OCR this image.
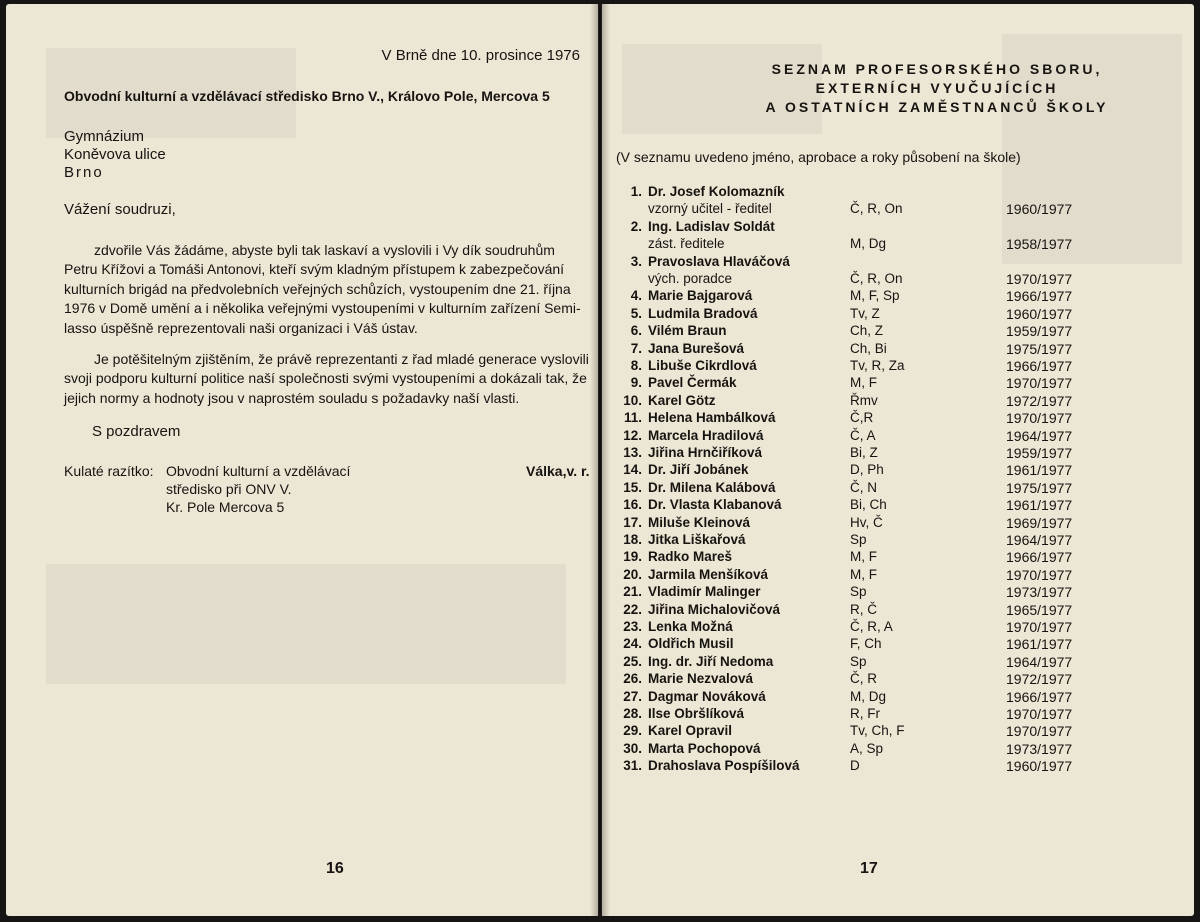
V Brně dne 10. prosince 1976
Obvodní kulturní a vzdělávací středisko Brno V., Královo Pole, Mercova 5
Gymnázium
Koněvova ulice
Brno
Vážení soudruzi,
zdvořile Vás žádáme, abyste byli tak laskaví a vyslovili i Vy dík soudruhům
Petru Křížovi a Tomáši Antonovi, kteří svým kladným přístupem k zabezpečování
kulturních brigád na předvolebních veřejných schůzích, vystoupením dne 21. října
1976 v Domě umění a i několika veřejnými vystoupeními v kulturním zařízení Semi-
lasso úspěšně reprezentovali naši organizaci i Váš ústav.
Je potěšitelným zjištěním, že právě reprezentanti z řad mladé generace vyslovili
svoji podporu kulturní politice naší společnosti svými vystoupeními a dokázali tak, že
jejich normy a hodnoty jsou v naprostém souladu s požadavky naší vlasti.
S pozdravem
Kulaté razítko: Obvodní kulturní a vzdělávací
středisko při ONV V.
Kr. Pole Mercova 5
Válka,v. r.
16
SEZNAM PROFESORSKÉHO SBORU,
EXTERNÍCH VYUČUJÍCÍCH
A OSTATNÍCH ZAMĚSTNANCŮ ŠKOLY
(V seznamu uvedeno jméno, aprobace a roky působení na škole)
1. Dr. Josef Kolomazník
vzorný učitel - ředitel	Č, R, On	1960/1977
2. Ing. Ladislav Soldát
zást. ředitele	M, Dg	1958/1977
3. Pravoslava Hlaváčová
vých. poradce	Č, R, On	1970/1977
4. Marie Bajgarová	M, F, Sp	1966/1977
5. Ludmila Bradová	Tv, Z	1960/1977
6. Vilém Braun	Ch, Z	1959/1977
7. Jana Burešová	Ch, Bi	1975/1977
8. Libuše Cikrdlová	Tv, R, Za	1966/1977
9. Pavel Čermák	M, F	1970/1977
10. Karel Götz	Řmv	1972/1977
11. Helena Hambálková	Č,R	1970/1977
12. Marcela Hradilová	Č, A	1964/1977
13. Jiřina Hrnčiříková	Bi, Z	1959/1977
14. Dr. Jiří Jobánek	D, Ph	1961/1977
15. Dr. Milena Kalábová	Č, N	1975/1977
16. Dr. Vlasta Klabanová	Bi, Ch	1961/1977
17. Miluše Kleinová	Hv, Č	1969/1977
18. Jitka Liškařová	Sp	1964/1977
19. Radko Mareš	M, F	1966/1977
20. Jarmila Menšíková	M, F	1970/1977
21. Vladimír Malinger	Sp	1973/1977
22. Jiřina Michalovičová	R, Č	1965/1977
23. Lenka Možná	Č, R, A	1970/1977
24. Oldřich Musil	F, Ch	1961/1977
25. Ing. dr. Jiří Nedoma	Sp	1964/1977
26. Marie Nezvalová	Č, R	1972/1977
27. Dagmar Nováková	M, Dg	1966/1977
28. Ilse Obršlíková	R, Fr	1970/1977
29. Karel Opravil	Tv, Ch, F	1970/1977
30. Marta Pochopová	A, Sp	1973/1977
31. Drahoslava Pospíšilová	D	1960/1977
17
